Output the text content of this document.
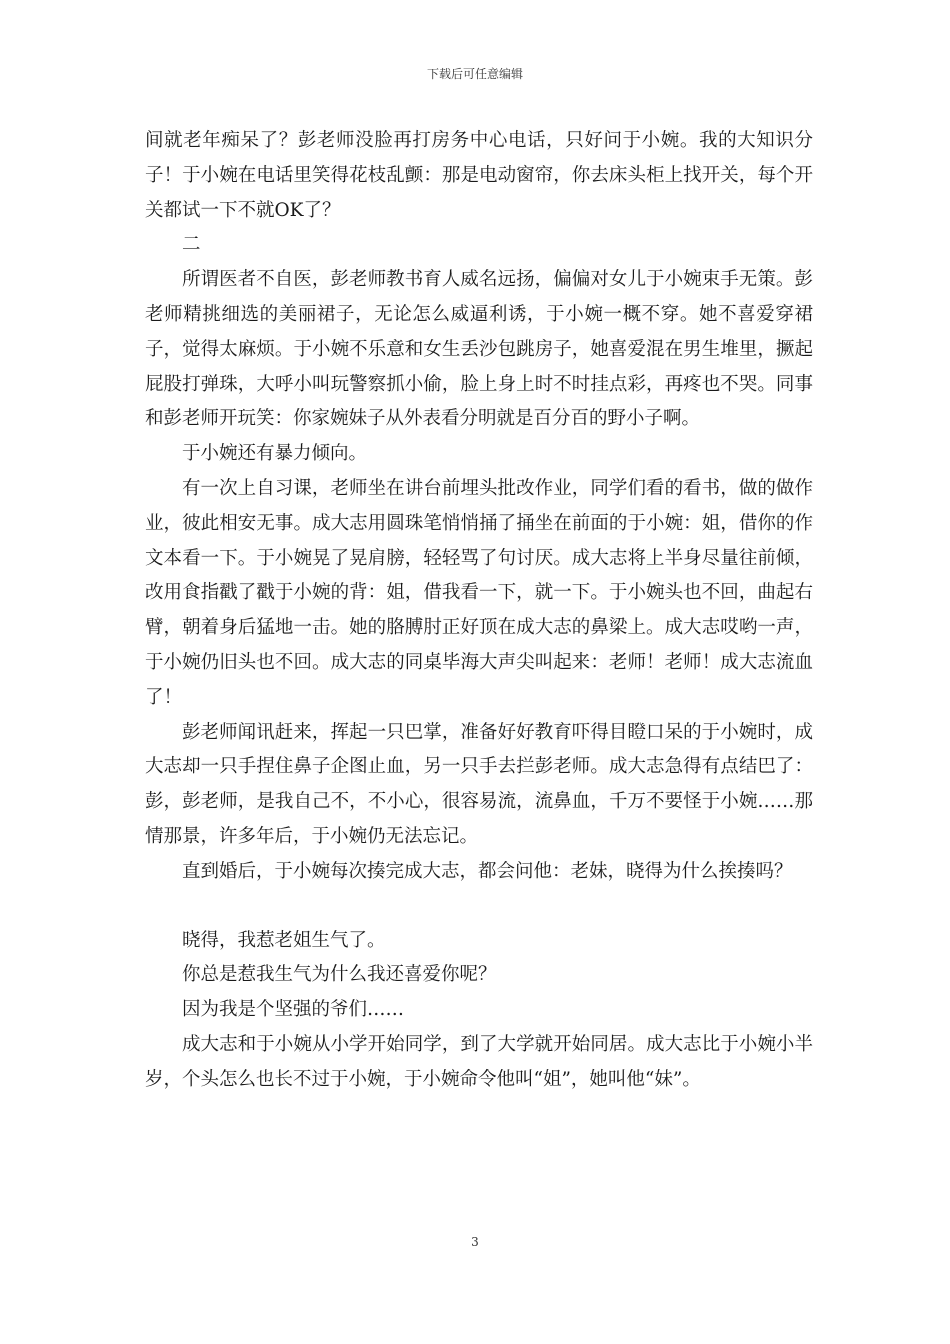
下载后可任意编辑

间就老年痴呆了？彭老师没脸再打房务中心电话，只好问于小婉。我的大知识分子！于小婉在电话里笑得花枝乱颤：那是电动窗帘，你去床头柜上找开关，每个开关都试一下不就OK了？

二

所谓医者不自医，彭老师教书育人威名远扬，偏偏对女儿于小婉束手无策。彭老师精挑细选的美丽裙子，无论怎么威逼利诱，于小婉一概不穿。她不喜爱穿裙子，觉得太麻烦。于小婉不乐意和女生丢沙包跳房子，她喜爱混在男生堆里，撅起屁股打弹珠，大呼小叫玩警察抓小偷，脸上身上时不时挂点彩，再疼也不哭。同事和彭老师开玩笑：你家婉妹子从外表看分明就是百分百的野小子啊。

于小婉还有暴力倾向。

有一次上自习课，老师坐在讲台前埋头批改作业，同学们看的看书，做的做作业，彼此相安无事。成大志用圆珠笔悄悄捅了捅坐在前面的于小婉：姐，借你的作文本看一下。于小婉晃了晃肩膀，轻轻骂了句讨厌。成大志将上半身尽量往前倾，改用食指戳了戳于小婉的背：姐，借我看一下，就一下。于小婉头也不回，曲起右臂，朝着身后猛地一击。她的胳膊肘正好顶在成大志的鼻梁上。成大志哎哟一声，于小婉仍旧头也不回。成大志的同桌毕海大声尖叫起来：老师！老师！成大志流血了！

彭老师闻讯赶来，挥起一只巴掌，准备好好教育吓得目瞪口呆的于小婉时，成大志却一只手捏住鼻子企图止血，另一只手去拦彭老师。成大志急得有点结巴了：彭，彭老师，是我自己不，不小心，很容易流，流鼻血，千万不要怪于小婉……那情那景，许多年后，于小婉仍无法忘记。

直到婚后，于小婉每次揍完成大志，都会问他：老妹，晓得为什么挨揍吗？

晓得，我惹老姐生气了。

你总是惹我生气为什么我还喜爱你呢？

因为我是个坚强的爷们……

成大志和于小婉从小学开始同学，到了大学就开始同居。成大志比于小婉小半岁，个头怎么也长不过于小婉，于小婉命令他叫“姐”，她叫他“妹”。

3
